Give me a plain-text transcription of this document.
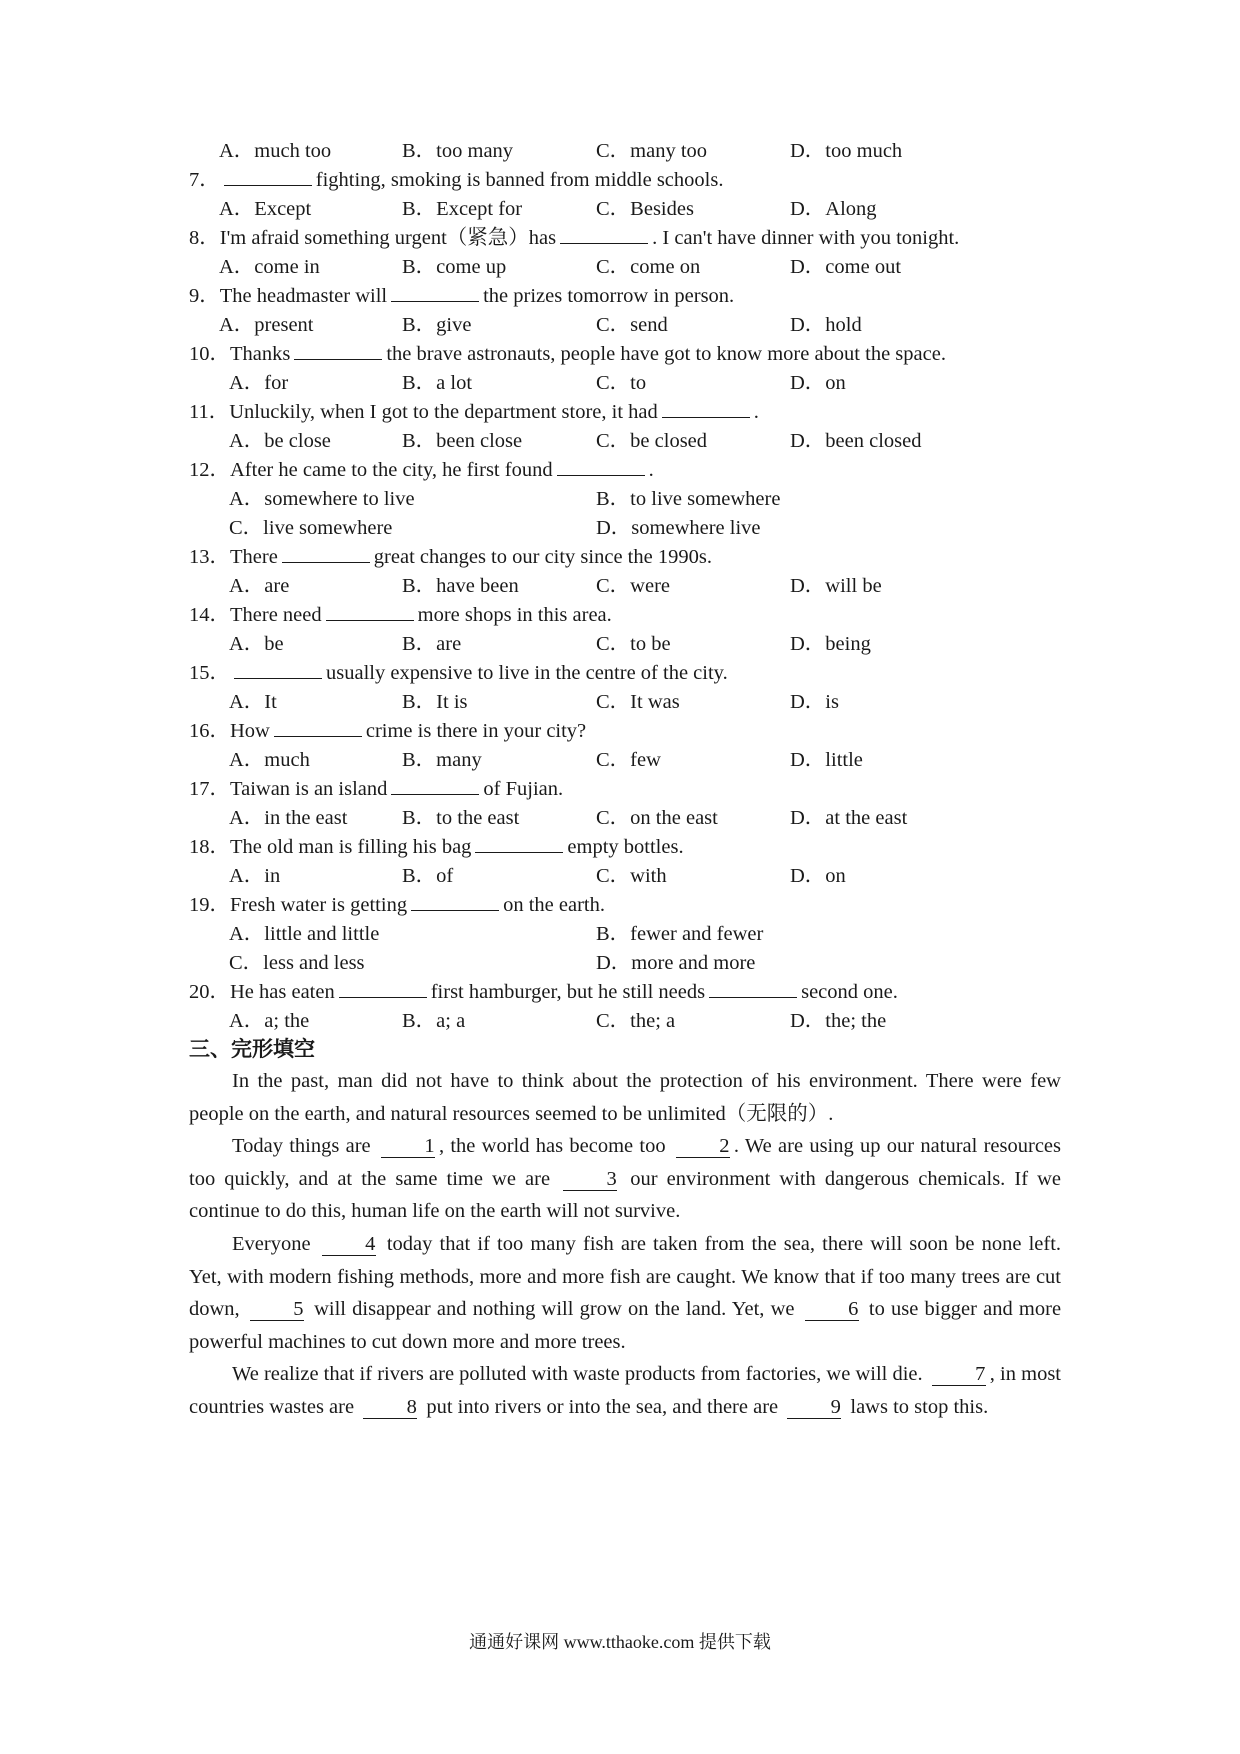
A．much too	B．too many	C．many too	D．too much
7．	fighting, smoking is banned from middle schools.
A．Except	B．Except for	C．Besides	D．Along
8．I'm afraid something urgent（紧急）has	. I can't have dinner with you tonight.
A．come in	B．come up	C．come on	D．come out
9．The headmaster will	the prizes tomorrow in person.
A．present	B．give	C．send	D．hold
10．Thanks	the brave astronauts, people have got to know more about the space.
A．for	B．a lot	C．to	D．on
11．Unluckily, when I got to the department store, it had	.
A．be close	B．been close	C．be closed	D．been closed
12．After he came to the city, he first found	.
A．somewhere to live	B．to live somewhere
C．live somewhere	D．somewhere live
13．There	great changes to our city since the 1990s.
A．are	B．have been	C．were	D．will be
14．There need	more shops in this area.
A．be	B．are	C．to be	D．being
15．	usually expensive to live in the centre of the city.
A．It	B．It is	C．It was	D．is
16．How	crime is there in your city?
A．much	B．many	C．few	D．little
17．Taiwan is an island	of Fujian.
A．in the east	B．to the east	C．on the east	D．at the east
18．The old man is filling his bag	empty bottles.
A．in	B．of	C．with	D．on
19．Fresh water is getting	on the earth.
A．little and little	B．fewer and fewer
C．less and less	D．more and more
20．He has eaten	first hamburger, but he still needs	second one.
A．a; the	B．a; a	C．the; a	D．the; the
三、完形填空

In the past, man did not have to think about the protection of his environment. There were few people on the earth, and natural resources seemed to be unlimited（无限的）.

Today things are	1 , the world has become too	2 . We are using up our natural resources too quickly, and at the same time we are	3 our environment with dangerous chemicals. If we continue to do this, human life on the earth will not survive.

Everyone	4 today that if too many fish are taken from the sea, there will soon be none left. Yet, with modern fishing methods, more and more fish are caught. We know that if too many trees are cut down,	5 will disappear and nothing will grow on the land. Yet, we	6 to use bigger and more powerful machines to cut down more and more trees.

We realize that if rivers are polluted with waste products from factories, we will die.	7 , in most countries wastes are	8 put into rivers or into the sea, and there are	9 laws to stop this.

通通好课网 www.tthaoke.com 提供下载
